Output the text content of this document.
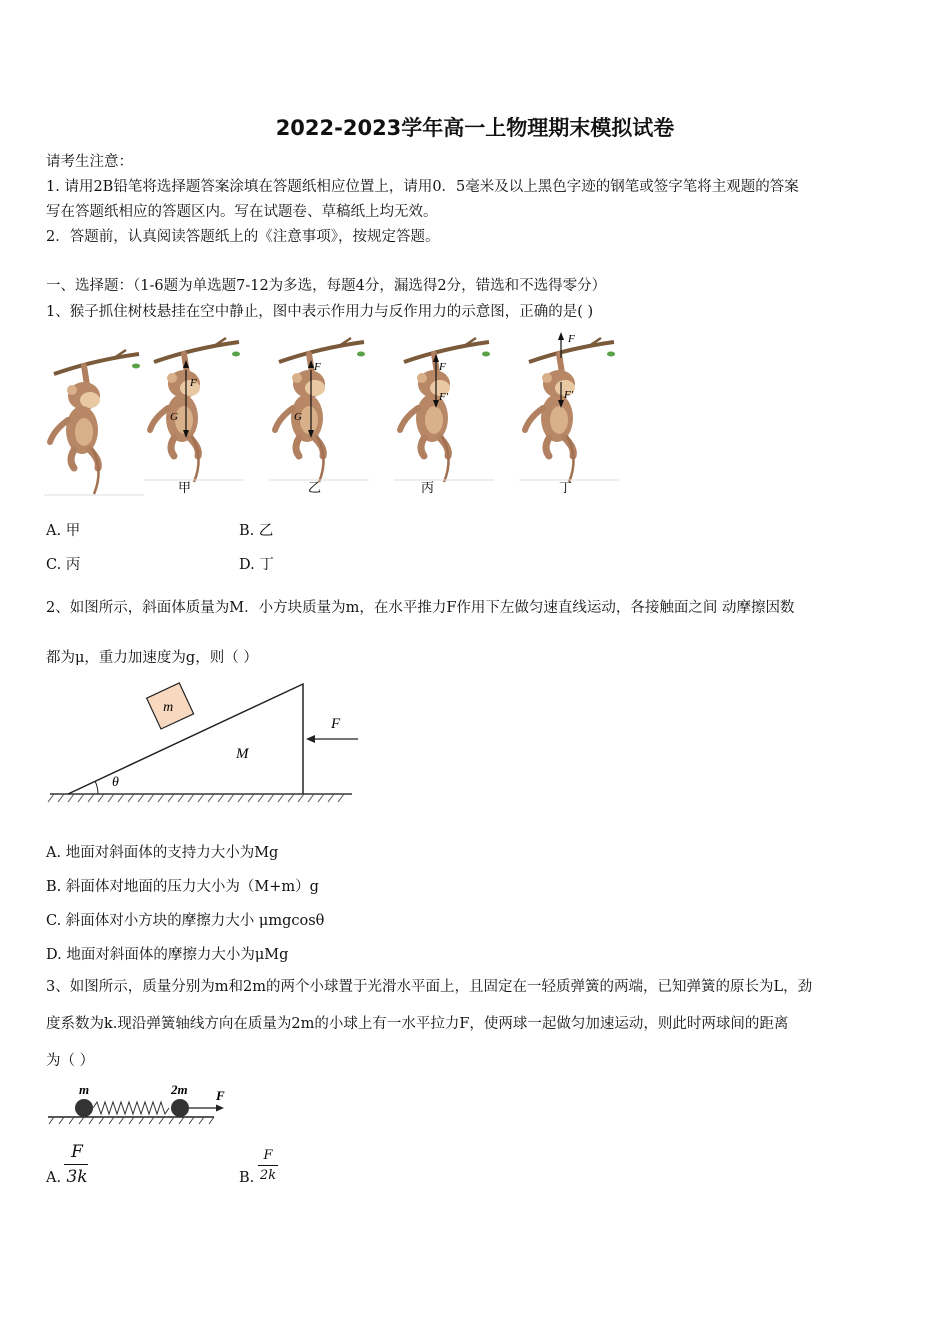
2022-2023学年高一上物理期末模拟试卷
请考生注意：
1. 请用2B铅笔将选择题答案涂填在答题纸相应位置上，请用0．5毫米及以上黑色字迹的钢笔或签字笔将主观题的答案
写在答题纸相应的答题区内。写在试题卷、草稿纸上均无效。
2．答题前，认真阅读答题纸上的《注意事项》，按规定答题。
一、选择题：（1-6题为单选题7-12为多选，每题4分，漏选得2分，错选和不选得零分）
1、猴子抓住树枝悬挂在空中静止，图中表示作用力与反作用力的示意图，正确的是( )
F
G
F
G
F
F′
F
F′
甲	乙	丙	丁
A. 甲	B. 乙
C. 丙	D. 丁
2、如图所示，斜面体质量为M．小方块质量为m，在水平推力F作用下左做匀速直线运动，各接触面之间 动摩擦因数
都为μ，重力加速度为g，则（ ）
θ
m
M
F
A. 地面对斜面体的支持力大小为Mg
B. 斜面体对地面的压力大小为（M+m）g
C. 斜面体对小方块的摩擦力大小 μmgcosθ
D. 地面对斜面体的摩擦力大小为μMg
3、如图所示，质量分别为m和2m的两个小球置于光滑水平面上，且固定在一轻质弹簧的两端，已知弹簧的原长为L，劲
度系数为k.现沿弹簧轴线方向在质量为2m的小球上有一水平拉力F，使两球一起做匀加速运动，则此时两球间的距离
为（ ）
m	2m F
A.
F
3k	B.
F
2k
